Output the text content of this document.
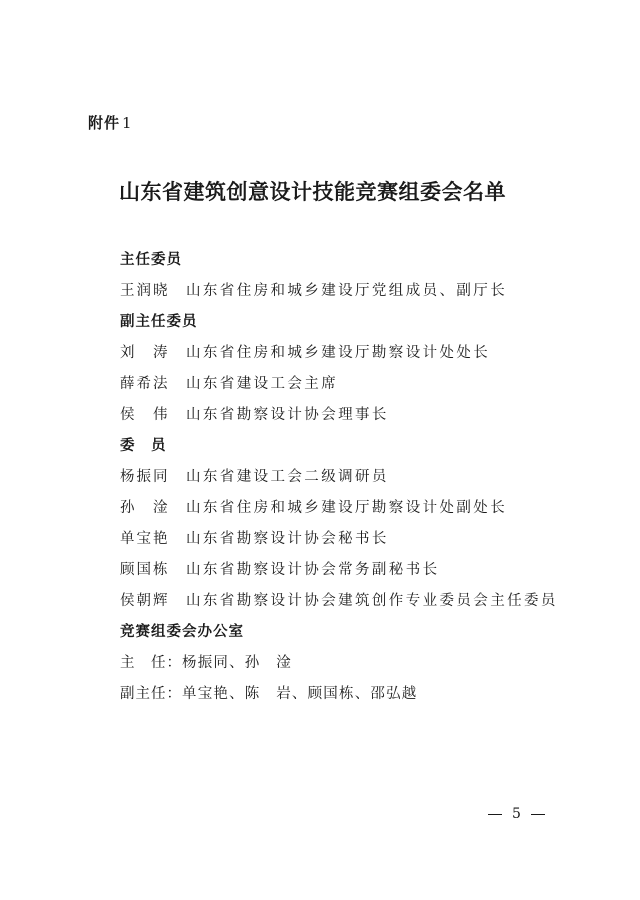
附件 1
山东省建筑创意设计技能竞赛组委会名单
主任委员
王润晓 山东省住房和城乡建设厅党组成员、副厅长
副主任委员
刘　涛 山东省住房和城乡建设厅勘察设计处处长
薛希法 山东省建设工会主席
侯　伟 山东省勘察设计协会理事长
委　员
杨振同 山东省建设工会二级调研员
孙　淦 山东省住房和城乡建设厅勘察设计处副处长
单宝艳 山东省勘察设计协会秘书长
顾国栋 山东省勘察设计协会常务副秘书长
侯朝辉 山东省勘察设计协会建筑创作专业委员会主任委员
竞赛组委会办公室
主　任：杨振同、孙　淦
副主任：单宝艳、陈　岩、顾国栋、邵弘越
5
